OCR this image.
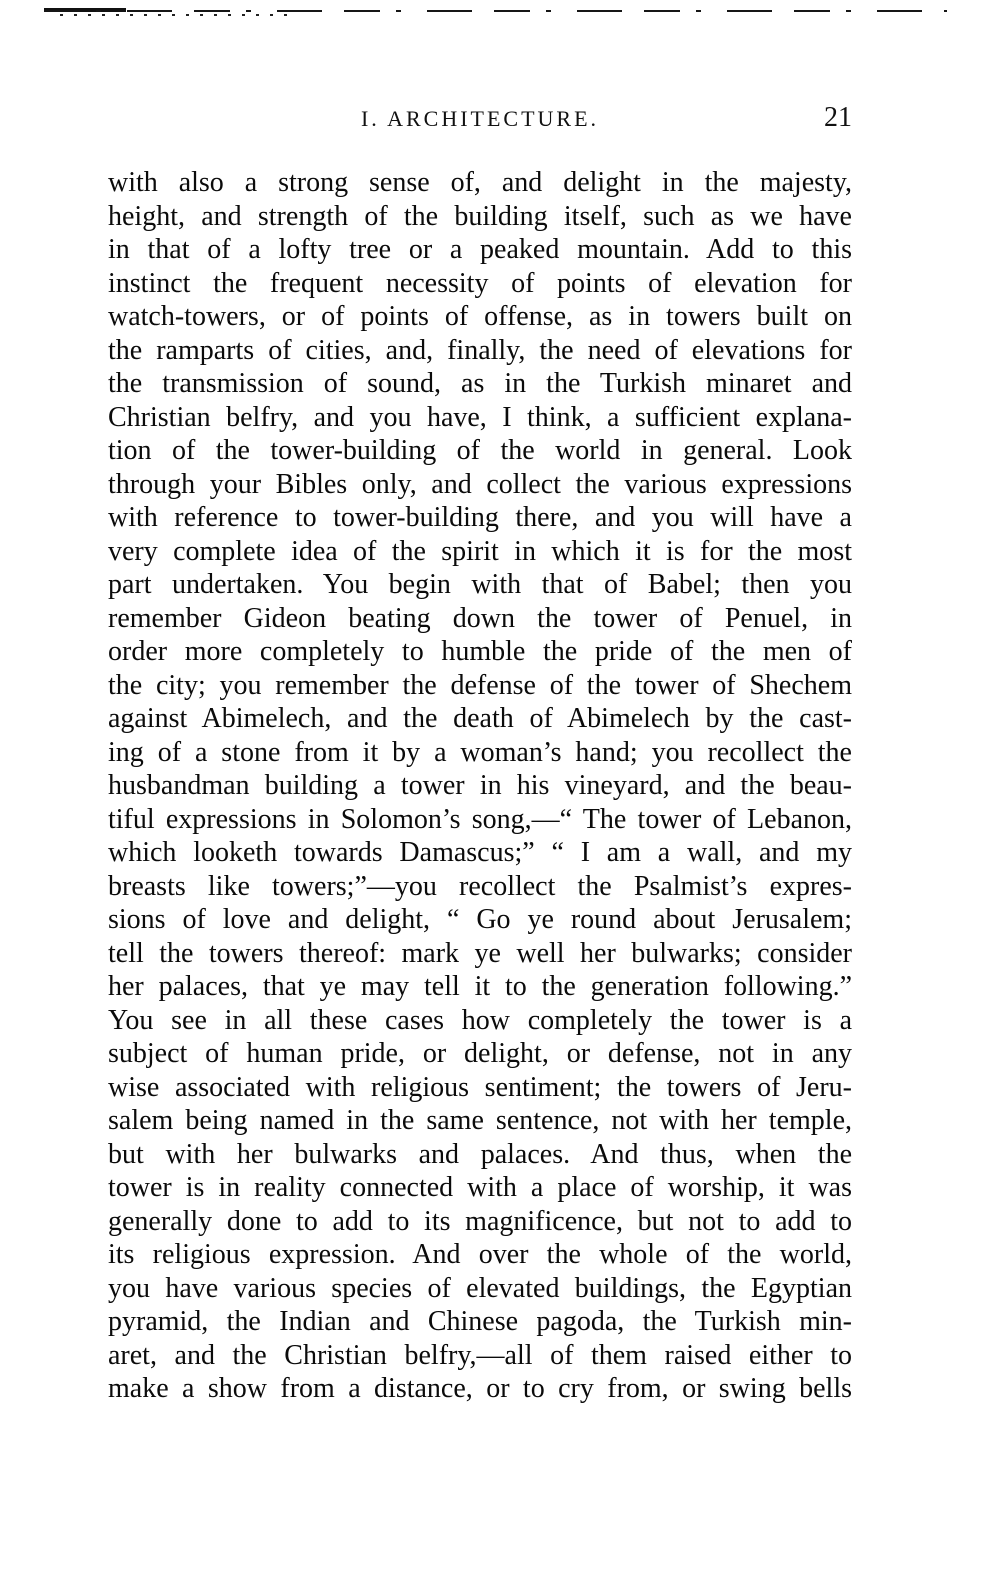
I. ARCHITECTURE.	21
with also a strong sense of, and delight in the majesty,
height, and strength of the building itself, such as we have
in that of a lofty tree or a peaked mountain. Add to this
instinct the frequent necessity of points of elevation for
watch-towers, or of points of offense, as in towers built on
the ramparts of cities, and, finally, the need of elevations for
the transmission of sound, as in the Turkish minaret and
Christian belfry, and you have, I think, a sufficient explana-
tion of the tower-building of the world in general. Look
through your Bibles only, and collect the various expressions
with reference to tower-building there, and you will have a
very complete idea of the spirit in which it is for the most
part undertaken. You begin with that of Babel; then you
remember Gideon beating down the tower of Penuel, in
order more completely to humble the pride of the men of
the city; you remember the defense of the tower of Shechem
against Abimelech, and the death of Abimelech by the cast-
ing of a stone from it by a woman’s hand; you recollect the
husbandman building a tower in his vineyard, and the beau-
tiful expressions in Solomon’s song,—“ The tower of Lebanon,
which looketh towards Damascus;” “ I am a wall, and my
breasts like towers;”—you recollect the Psalmist’s expres-
sions of love and delight, “ Go ye round about Jerusalem;
tell the towers thereof: mark ye well her bulwarks; consider
her palaces, that ye may tell it to the generation following.”
You see in all these cases how completely the tower is a
subject of human pride, or delight, or defense, not in any
wise associated with religious sentiment; the towers of Jeru-
salem being named in the same sentence, not with her temple,
but with her bulwarks and palaces. And thus, when the
tower is in reality connected with a place of worship, it was
generally done to add to its magnificence, but not to add to
its religious expression. And over the whole of the world,
you have various species of elevated buildings, the Egyptian
pyramid, the Indian and Chinese pagoda, the Turkish min-
aret, and the Christian belfry,—all of them raised either to
make a show from a distance, or to cry from, or swing bells
